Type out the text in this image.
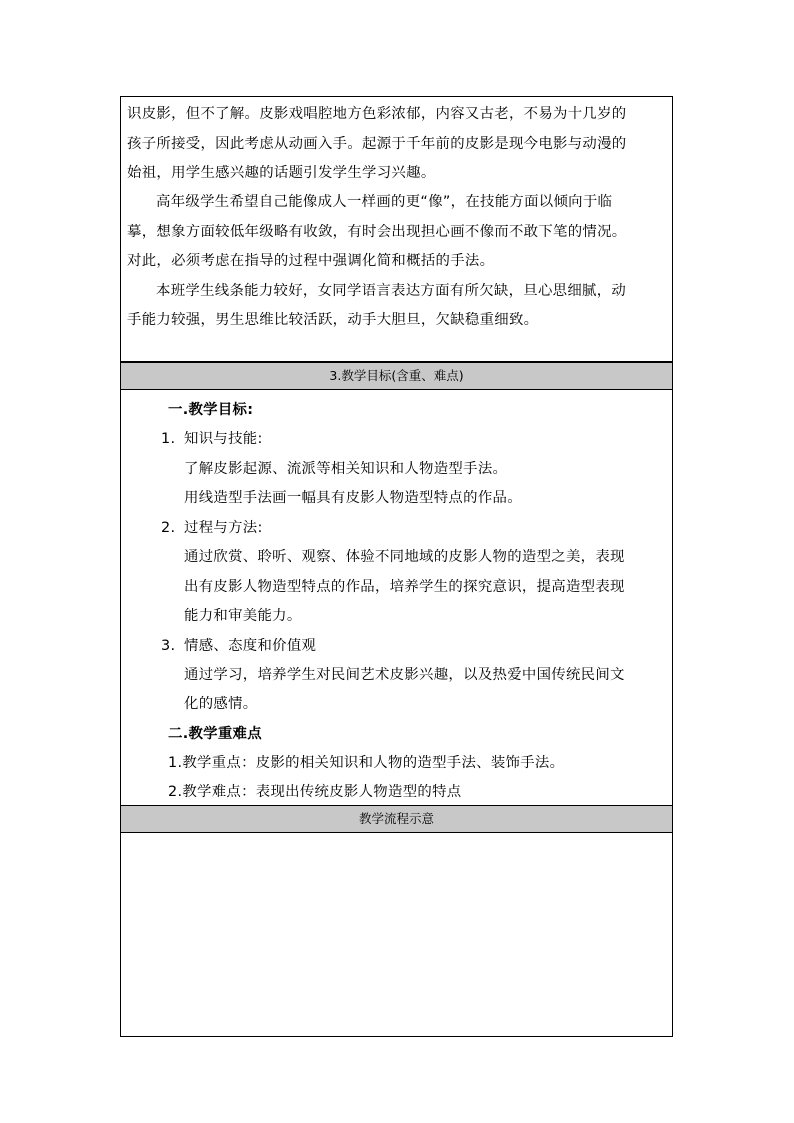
识皮影，但不了解。皮影戏唱腔地方色彩浓郁，内容又古老，不易为十几岁的
孩子所接受，因此考虑从动画入手。起源于千年前的皮影是现今电影与动漫的
始祖，用学生感兴趣的话题引发学生学习兴趣。
高年级学生希望自己能像成人一样画的更“像”，在技能方面以倾向于临
摹，想象方面较低年级略有收敛，有时会出现担心画不像而不敢下笔的情况。
对此，必须考虑在指导的过程中强调化简和概括的手法。
本班学生线条能力较好，女同学语言表达方面有所欠缺，旦心思细腻，动
手能力较强，男生思维比较活跃，动手大胆旦，欠缺稳重细致。
3.教学目标(含重、难点)
一.教学目标:
1. 知识与技能:
了解皮影起源、流派等相关知识和人物造型手法。
用线造型手法画一幅具有皮影人物造型特点的作品。
2. 过程与方法:
通过欣赏、聆听、观察、体验不同地域的皮影人物的造型之美，表现
出有皮影人物造型特点的作品，培养学生的探究意识，提高造型表现
能力和审美能力。
3. 情感、态度和价值观
通过学习，培养学生对民间艺术皮影兴趣，以及热爱中国传统民间文
化的感情。
二.教学重难点
1.教学重点：皮影的相关知识和人物的造型手法、装饰手法。
2.教学难点：表现出传统皮影人物造型的特点
教学流程示意
